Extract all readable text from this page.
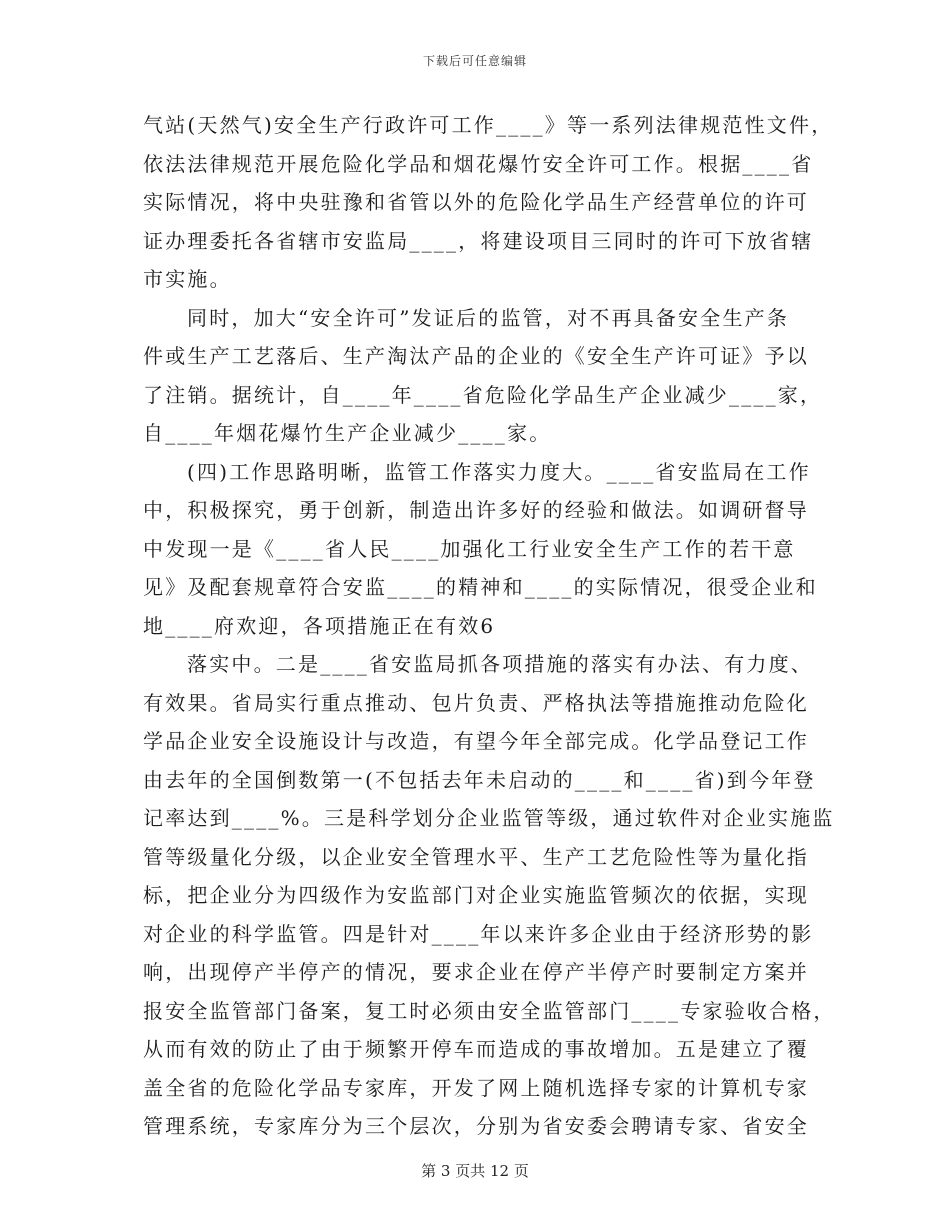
下载后可任意编辑
气站(天然气)安全生产行政许可工作____》等一系列法律规范性文件，
依法法律规范开展危险化学品和烟花爆竹安全许可工作。根据____省
实际情况，将中央驻豫和省管以外的危险化学品生产经营单位的许可
证办理委托各省辖市安监局____，将建设项目三同时的许可下放省辖
市实施。
同时，加大“安全许可”发证后的监管，对不再具备安全生产条
件或生产工艺落后、生产淘汰产品的企业的《安全生产许可证》予以
了注销。据统计，自____年____省危险化学品生产企业减少____家，
自____年烟花爆竹生产企业减少____家。
(四)工作思路明晰，监管工作落实力度大。____省安监局在工作
中，积极探究，勇于创新，制造出许多好的经验和做法。如调研督导
中发现一是《____省人民____加强化工行业安全生产工作的若干意
见》及配套规章符合安监____的精神和____的实际情况，很受企业和
地____府欢迎，各项措施正在有效6
落实中。二是____省安监局抓各项措施的落实有办法、有力度、
有效果。省局实行重点推动、包片负责、严格执法等措施推动危险化
学品企业安全设施设计与改造，有望今年全部完成。化学品登记工作
由去年的全国倒数第一(不包括去年未启动的____和____省)到今年登
记率达到____%。三是科学划分企业监管等级，通过软件对企业实施监
管等级量化分级，以企业安全管理水平、生产工艺危险性等为量化指
标，把企业分为四级作为安监部门对企业实施监管频次的依据，实现
对企业的科学监管。四是针对____年以来许多企业由于经济形势的影
响，出现停产半停产的情况，要求企业在停产半停产时要制定方案并
报安全监管部门备案，复工时必须由安全监管部门____专家验收合格，
从而有效的防止了由于频繁开停车而造成的事故增加。五是建立了覆
盖全省的危险化学品专家库，开发了网上随机选择专家的计算机专家
管理系统，专家库分为三个层次，分别为省安委会聘请专家、省安全
第 3 页共 12 页
